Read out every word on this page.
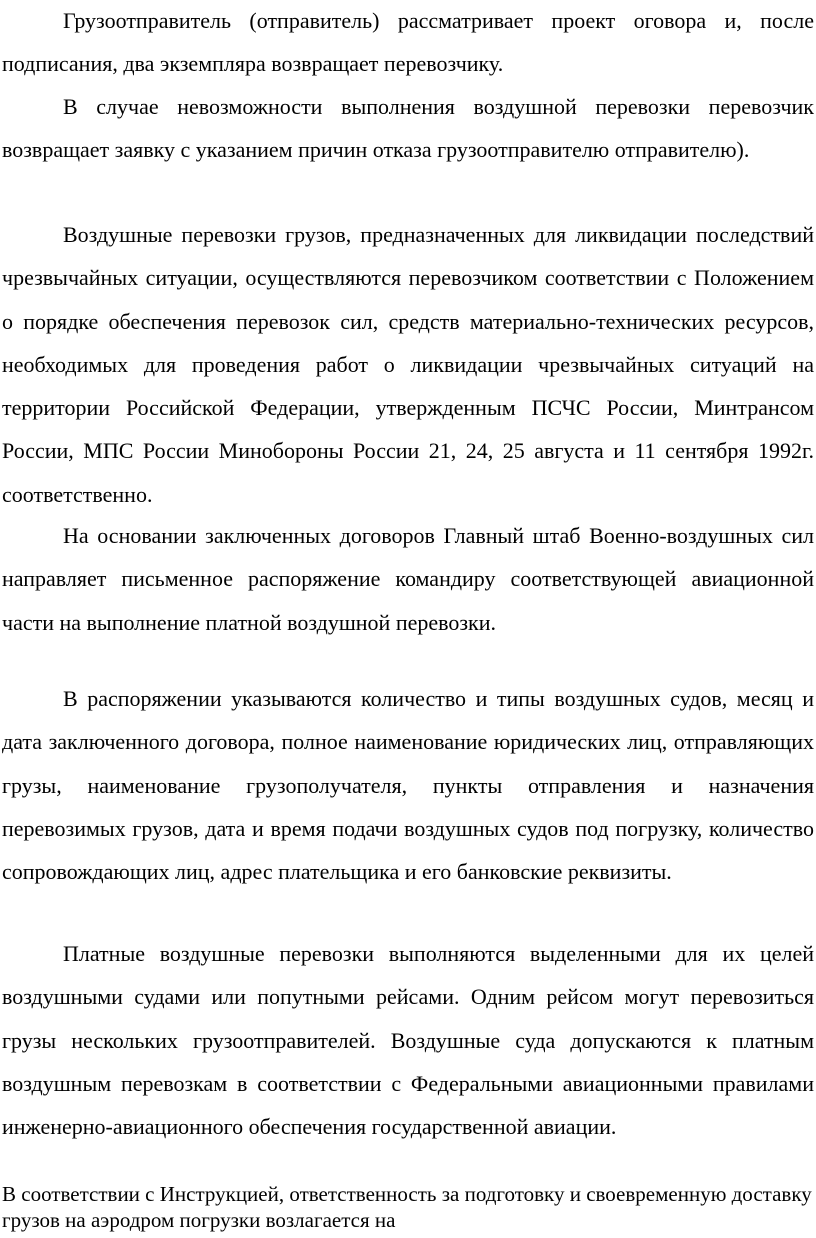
Грузоотправитель (отправитель) рассматривает проект оговора и, после подписания, два экземпляра возвращает перевозчику.

В случае невозможности выполнения воздушной перевозки перевозчик возвращает заявку с указанием причин отказа грузоотправителю отправителю).

Воздушные перевозки грузов, предназначенных для ликвидации последствий чрезвычайных ситуации, осуществляются перевозчиком соответствии с Положением о порядке обеспечения перевозок сил, средств материально-технических ресурсов, необходимых для проведения работ о ликвидации чрезвычайных ситуаций на территории Российской Федерации, утвержденным ПСЧС России, Минтрансом России, МПС России Минобороны России 21, 24, 25 августа и 11 сентября 1992г. соответственно.

На основании заключенных договоров Главный штаб Военно-воздушных сил направляет письменное распоряжение командиру соответствующей авиационной части на выполнение платной воздушной перевозки.

В распоряжении указываются количество и типы воздушных судов, месяц и дата заключенного договора, полное наименование юридических лиц, отправляющих грузы, наименование грузополучателя, пункты отправления и назначения перевозимых грузов, дата и время подачи воздушных судов под погрузку, количество сопровождающих лиц, адрес плательщика и его банковские реквизиты.

Платные воздушные перевозки выполняются выделенными для их целей воздушными судами или попутными рейсами. Одним рейсом могут перевозиться грузы нескольких грузоотправителей. Воздушные суда допускаются к платным воздушным перевозкам в соответствии с Федеральными авиационными правилами инженерно-авиационного обеспечения государственной авиации.

В соответствии с Инструкцией, ответственность за подготовку и своевременную доставку грузов на аэродром погрузки возлагается на
